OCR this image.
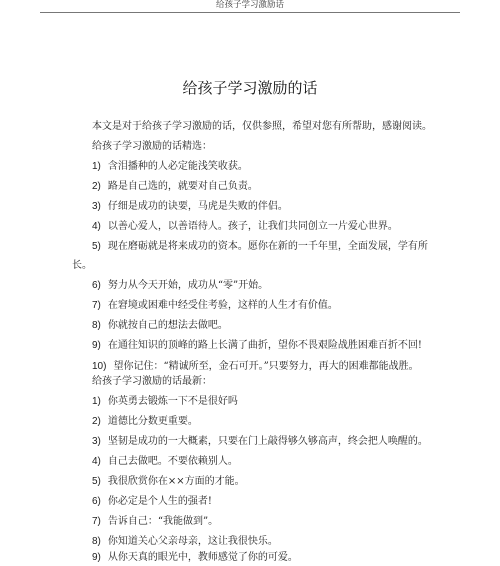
给孩子学习激励话
给孩子学习激励的话
本文是对于给孩子学习激励的话，仅供参照，希望对您有所帮助，感谢阅读。
给孩子学习激励的话精选：
1) 含泪播种的人必定能浅笑收获。
2) 路是自己选的，就要对自己负责。
3) 仔细是成功的诀要，马虎是失败的伴侣。
4) 以善心爱人，以善语待人。孩子，让我们共同创立一片爱心世界。
5) 现在磨砺就是将来成功的资本。愿你在新的一千年里，全面发展，学有所
长。
6) 努力从今天开始，成功从“零”开始。
7) 在窘境或困难中经受住考验，这样的人生才有价值。
8) 你就按自己的想法去做吧。
9) 在通往知识的顶峰的路上长满了曲折，望你不畏艰险战胜困难百折不回!
10) 望你记住：“精诚所至，金石可开。”只要努力，再大的困难都能战胜。
给孩子学习激励的话最新：
1) 你英勇去锻炼一下不是很好吗
2) 道德比分数更重要。
3) 坚韧是成功的一大概素，只要在门上敲得够久够高声，终会把人唤醒的。
4) 自己去做吧。不要依赖别人。
5) 我很欣赏你在××方面的才能。
6) 你必定是个人生的强者!
7) 告诉自己：“我能做到”。
8) 你知道关心父亲母亲，这让我很快乐。
9) 从你天真的眼光中，教师感觉了你的可爱。
